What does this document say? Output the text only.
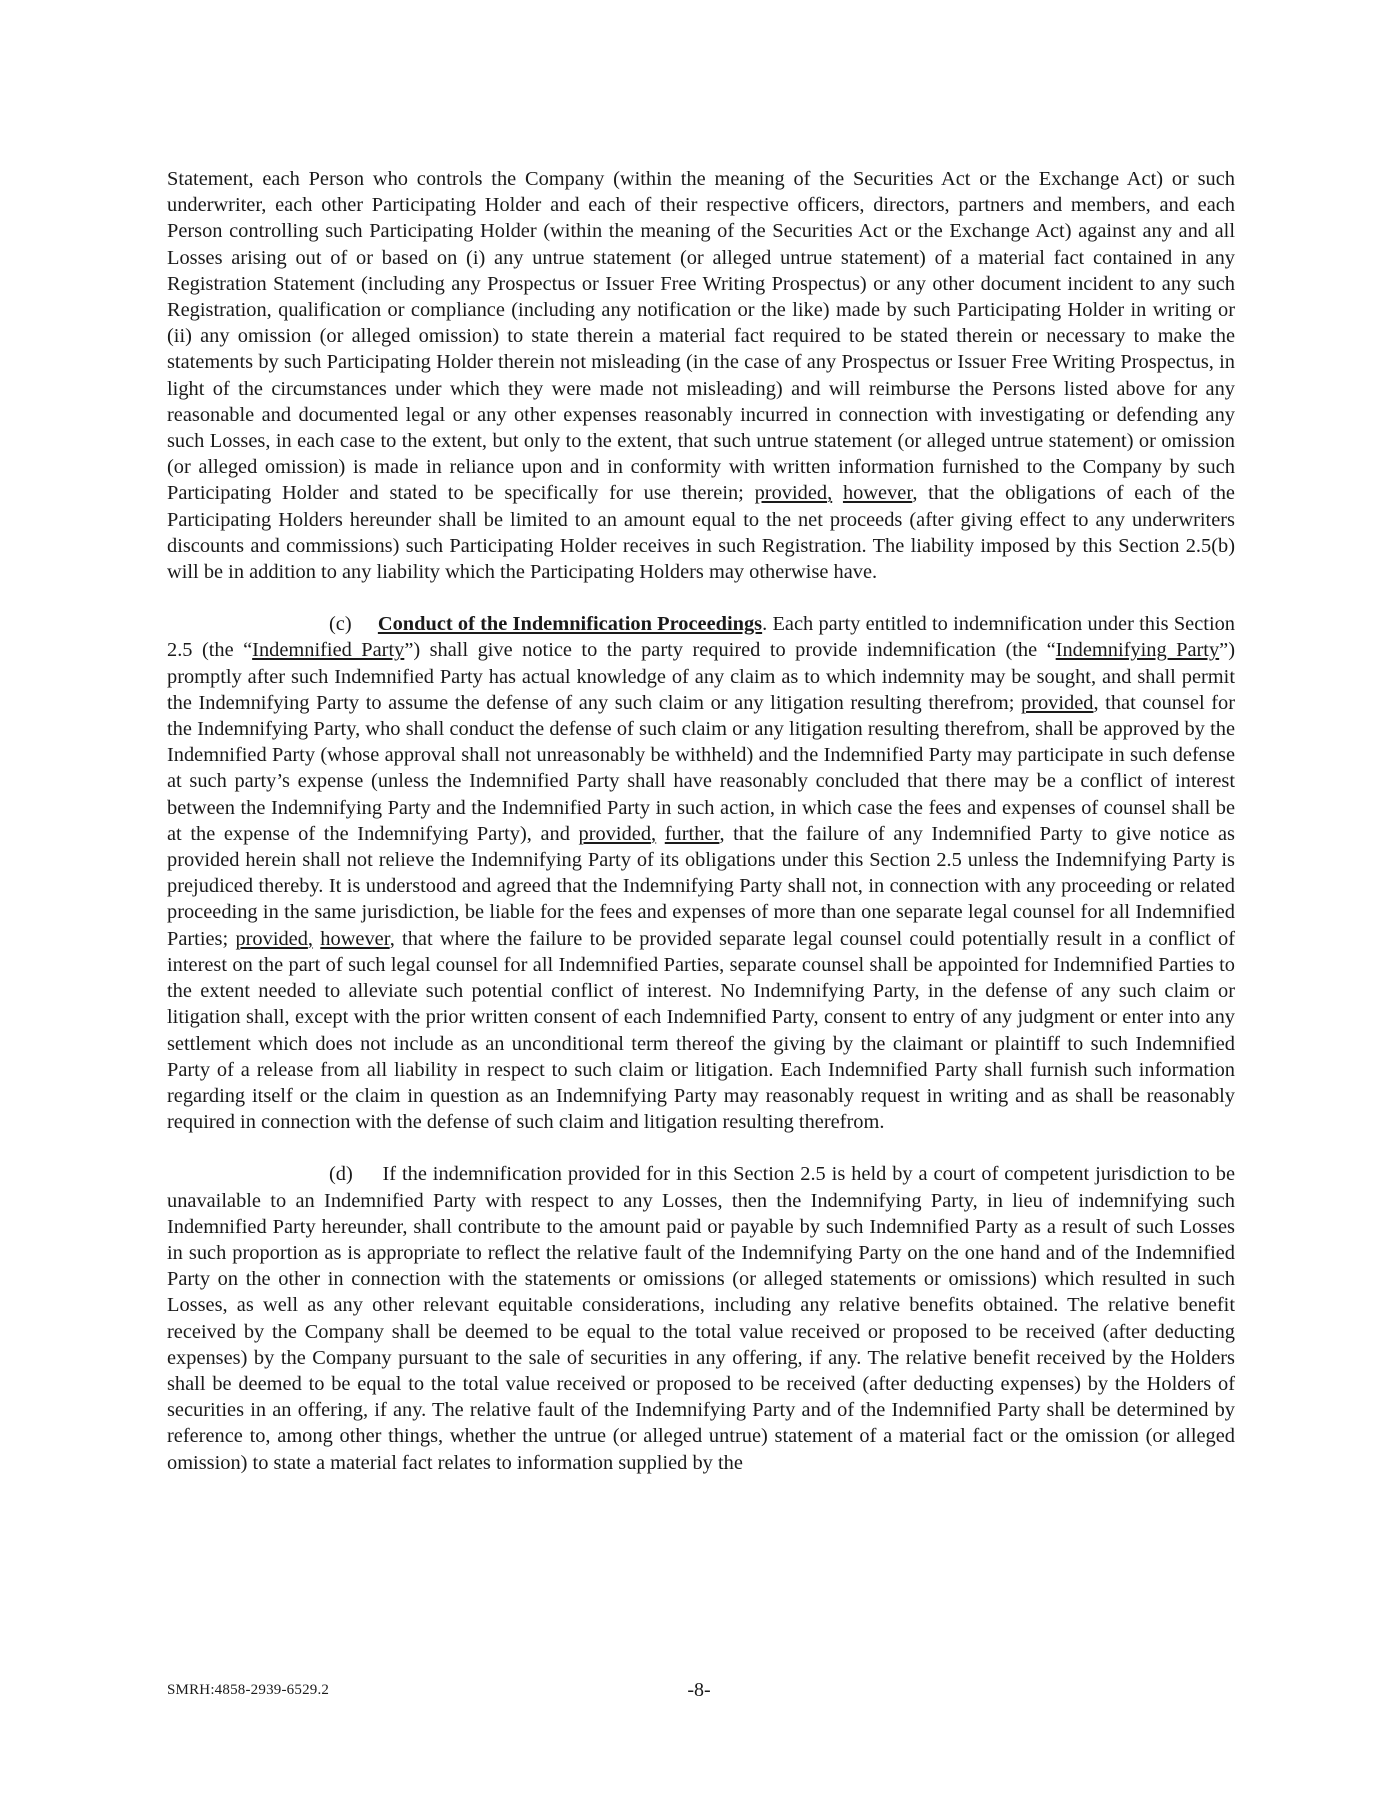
Statement, each Person who controls the Company (within the meaning of the Securities Act or the Exchange Act) or such underwriter, each other Participating Holder and each of their respective officers, directors, partners and members, and each Person controlling such Participating Holder (within the meaning of the Securities Act or the Exchange Act) against any and all Losses arising out of or based on (i) any untrue statement (or alleged untrue statement) of a material fact contained in any Registration Statement (including any Prospectus or Issuer Free Writing Prospectus) or any other document incident to any such Registration, qualification or compliance (including any notification or the like) made by such Participating Holder in writing or (ii) any omission (or alleged omission) to state therein a material fact required to be stated therein or necessary to make the statements by such Participating Holder therein not misleading (in the case of any Prospectus or Issuer Free Writing Prospectus, in light of the circumstances under which they were made not misleading) and will reimburse the Persons listed above for any reasonable and documented legal or any other expenses reasonably incurred in connection with investigating or defending any such Losses, in each case to the extent, but only to the extent, that such untrue statement (or alleged untrue statement) or omission (or alleged omission) is made in reliance upon and in conformity with written information furnished to the Company by such Participating Holder and stated to be specifically for use therein; provided, however, that the obligations of each of the Participating Holders hereunder shall be limited to an amount equal to the net proceeds (after giving effect to any underwriters discounts and commissions) such Participating Holder receives in such Registration. The liability imposed by this Section 2.5(b) will be in addition to any liability which the Participating Holders may otherwise have.

(c) Conduct of the Indemnification Proceedings. Each party entitled to indemnification under this Section 2.5 (the “Indemnified Party”) shall give notice to the party required to provide indemnification (the “Indemnifying Party”) promptly after such Indemnified Party has actual knowledge of any claim as to which indemnity may be sought, and shall permit the Indemnifying Party to assume the defense of any such claim or any litigation resulting therefrom; provided, that counsel for the Indemnifying Party, who shall conduct the defense of such claim or any litigation resulting therefrom, shall be approved by the Indemnified Party (whose approval shall not unreasonably be withheld) and the Indemnified Party may participate in such defense at such party’s expense (unless the Indemnified Party shall have reasonably concluded that there may be a conflict of interest between the Indemnifying Party and the Indemnified Party in such action, in which case the fees and expenses of counsel shall be at the expense of the Indemnifying Party), and provided, further, that the failure of any Indemnified Party to give notice as provided herein shall not relieve the Indemnifying Party of its obligations under this Section 2.5 unless the Indemnifying Party is prejudiced thereby. It is understood and agreed that the Indemnifying Party shall not, in connection with any proceeding or related proceeding in the same jurisdiction, be liable for the fees and expenses of more than one separate legal counsel for all Indemnified Parties; provided, however, that where the failure to be provided separate legal counsel could potentially result in a conflict of interest on the part of such legal counsel for all Indemnified Parties, separate counsel shall be appointed for Indemnified Parties to the extent needed to alleviate such potential conflict of interest. No Indemnifying Party, in the defense of any such claim or litigation shall, except with the prior written consent of each Indemnified Party, consent to entry of any judgment or enter into any settlement which does not include as an unconditional term thereof the giving by the claimant or plaintiff to such Indemnified Party of a release from all liability in respect to such claim or litigation. Each Indemnified Party shall furnish such information regarding itself or the claim in question as an Indemnifying Party may reasonably request in writing and as shall be reasonably required in connection with the defense of such claim and litigation resulting therefrom.

(d) If the indemnification provided for in this Section 2.5 is held by a court of competent jurisdiction to be unavailable to an Indemnified Party with respect to any Losses, then the Indemnifying Party, in lieu of indemnifying such Indemnified Party hereunder, shall contribute to the amount paid or payable by such Indemnified Party as a result of such Losses in such proportion as is appropriate to reflect the relative fault of the Indemnifying Party on the one hand and of the Indemnified Party on the other in connection with the statements or omissions (or alleged statements or omissions) which resulted in such Losses, as well as any other relevant equitable considerations, including any relative benefits obtained. The relative benefit received by the Company shall be deemed to be equal to the total value received or proposed to be received (after deducting expenses) by the Company pursuant to the sale of securities in any offering, if any. The relative benefit received by the Holders shall be deemed to be equal to the total value received or proposed to be received (after deducting expenses) by the Holders of securities in an offering, if any. The relative fault of the Indemnifying Party and of the Indemnified Party shall be determined by reference to, among other things, whether the untrue (or alleged untrue) statement of a material fact or the omission (or alleged omission) to state a material fact relates to information supplied by the

SMRH:4858-2939-6529.2	-8-
